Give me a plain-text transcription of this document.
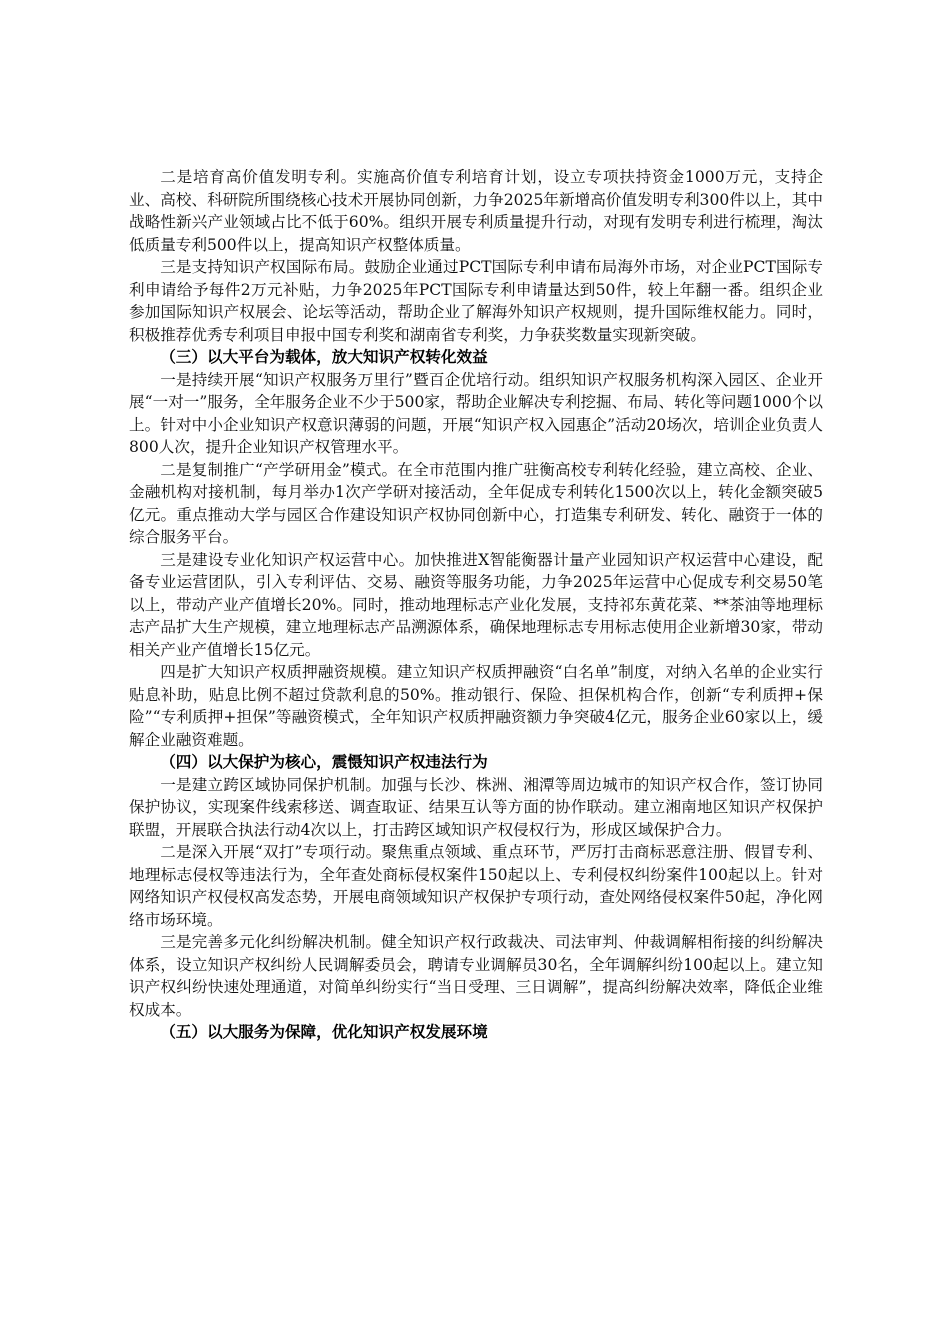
二是培育高价值发明专利。实施高价值专利培育计划，设立专项扶持资金1000万元，支持企业、高校、科研院所围绕核心技术开展协同创新，力争2025年新增高价值发明专利300件以上，其中战略性新兴产业领域占比不低于60%。组织开展专利质量提升行动，对现有发明专利进行梳理，淘汰低质量专利500件以上，提高知识产权整体质量。

三是支持知识产权国际布局。鼓励企业通过PCT国际专利申请布局海外市场，对企业PCT国际专利申请给予每件2万元补贴，力争2025年PCT国际专利申请量达到50件，较上年翻一番。组织企业参加国际知识产权展会、论坛等活动，帮助企业了解海外知识产权规则，提升国际维权能力。同时，积极推荐优秀专利项目申报中国专利奖和湖南省专利奖，力争获奖数量实现新突破。

（三）以大平台为载体，放大知识产权转化效益

一是持续开展“知识产权服务万里行”暨百企优培行动。组织知识产权服务机构深入园区、企业开展“一对一”服务，全年服务企业不少于500家，帮助企业解决专利挖掘、布局、转化等问题1000个以上。针对中小企业知识产权意识薄弱的问题，开展“知识产权入园惠企”活动20场次，培训企业负责人800人次，提升企业知识产权管理水平。

二是复制推广“产学研用金”模式。在全市范围内推广驻衡高校专利转化经验，建立高校、企业、金融机构对接机制，每月举办1次产学研对接活动，全年促成专利转化1500次以上，转化金额突破5亿元。重点推动大学与园区合作建设知识产权协同创新中心，打造集专利研发、转化、融资于一体的综合服务平台。

三是建设专业化知识产权运营中心。加快推进X智能衡器计量产业园知识产权运营中心建设，配备专业运营团队，引入专利评估、交易、融资等服务功能，力争2025年运营中心促成专利交易50笔以上，带动产业产值增长20%。同时，推动地理标志产业化发展，支持祁东黄花菜、**茶油等地理标志产品扩大生产规模，建立地理标志产品溯源体系，确保地理标志专用标志使用企业新增30家，带动相关产业产值增长15亿元。

四是扩大知识产权质押融资规模。建立知识产权质押融资“白名单”制度，对纳入名单的企业实行贴息补助，贴息比例不超过贷款利息的50%。推动银行、保险、担保机构合作，创新“专利质押+保险”“专利质押+担保”等融资模式，全年知识产权质押融资额力争突破4亿元，服务企业60家以上，缓解企业融资难题。

（四）以大保护为核心，震慑知识产权违法行为

一是建立跨区域协同保护机制。加强与长沙、株洲、湘潭等周边城市的知识产权合作，签订协同保护协议，实现案件线索移送、调查取证、结果互认等方面的协作联动。建立湘南地区知识产权保护联盟，开展联合执法行动4次以上，打击跨区域知识产权侵权行为，形成区域保护合力。

二是深入开展“双打”专项行动。聚焦重点领域、重点环节，严厉打击商标恶意注册、假冒专利、地理标志侵权等违法行为，全年查处商标侵权案件150起以上、专利侵权纠纷案件100起以上。针对网络知识产权侵权高发态势，开展电商领域知识产权保护专项行动，查处网络侵权案件50起，净化网络市场环境。

三是完善多元化纠纷解决机制。健全知识产权行政裁决、司法审判、仲裁调解相衔接的纠纷解决体系，设立知识产权纠纷人民调解委员会，聘请专业调解员30名，全年调解纠纷100起以上。建立知识产权纠纷快速处理通道，对简单纠纷实行“当日受理、三日调解”，提高纠纷解决效率，降低企业维权成本。

（五）以大服务为保障，优化知识产权发展环境
